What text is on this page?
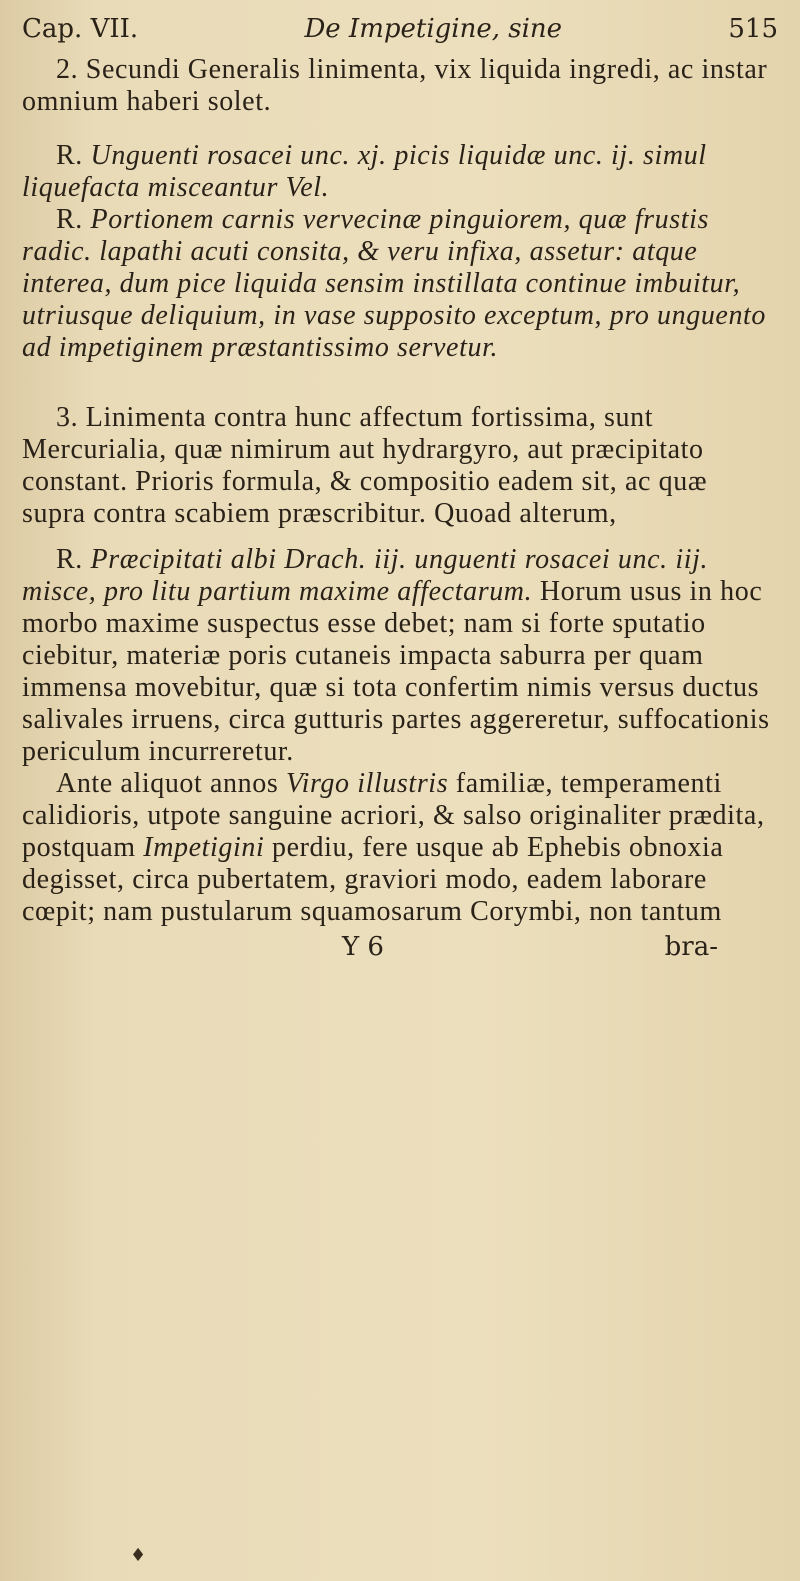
Cap. VII.	De Impetigine, sine	515

2. Secundi Generalis linimenta, vix liquida ingredi, ac instar omnium haberi solet.

R. Unguenti rosacei unc. xj. picis liquidæ unc. ij. simul liquefacta misceantur Vel.

R. Portionem carnis vervecinæ pinguiorem, quæ frustis radic. lapathi acuti consita, & veru infixa, assetur: atque interea, dum pice liquida sensim instillata continue imbuitur, utriusque deliquium, in vase supposito exceptum, pro unguento ad impetiginem præstantissimo servetur.

3. Linimenta contra hunc affectum fortissima, sunt Mercurialia, quæ nimirum aut hydrargyro, aut præcipitato constant. Prioris formula, & compositio eadem sit, ac quæ supra contra scabiem præscribitur. Quoad alterum,

R. Præcipitati albi Drach. iij. unguenti rosacei unc. iij. misce, pro litu partium maxime affectarum. Horum usus in hoc morbo maxime suspectus esse debet; nam si forte sputatio ciebitur, materiæ poris cutaneis impacta saburra per quam immensa movebitur, quæ si tota confertim nimis versus ductus salivales irruens, circa gutturis partes aggereretur, suffocationis periculum incurreretur.

Ante aliquot annos Virgo illustris familiæ, temperamenti calidioris, utpote sanguine acriori, & salso originaliter prædita, postquam Impetigini perdiu, fere usque ab Ephebis obnoxia degisset, circa pubertatem, graviori modo, eadem laborare cœpit; nam pustularum squamosarum Corymbi, non tantum

Y 6	bra-
♦
